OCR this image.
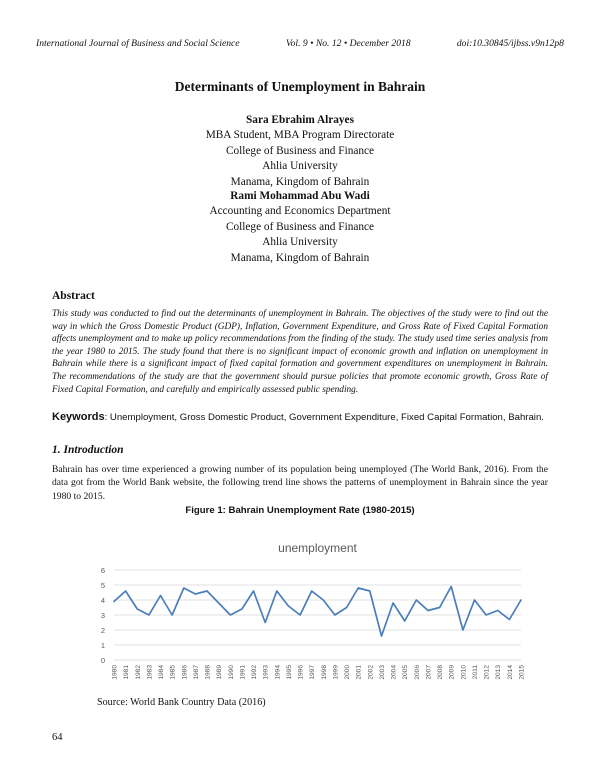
International Journal of Business and Social Science	Vol. 9 • No. 12 • December 2018	doi:10.30845/ijbss.v9n12p8
Determinants of Unemployment in Bahrain
Sara Ebrahim Alrayes
MBA Student, MBA Program Directorate
College of Business and Finance
Ahlia University
Manama, Kingdom of Bahrain
Rami Mohammad Abu Wadi
Accounting and Economics Department
College of Business and Finance
Ahlia University
Manama, Kingdom of Bahrain
Abstract
This study was conducted to find out the determinants of unemployment in Bahrain. The objectives of the study were to find out the way in which the Gross Domestic Product (GDP), Inflation, Government Expenditure, and Gross Rate of Fixed Capital Formation affects unemployment and to make up policy recommendations from the finding of the study. The study used time series analysis from the year 1980 to 2015. The study found that there is no significant impact of economic growth and inflation on unemployment in Bahrain while there is a significant impact of fixed capital formation and government expenditures on unemployment in Bahrain. The recommendations of the study are that the government should pursue policies that promote economic growth, Gross Rate of Fixed Capital Formation, and carefully and empirically assessed public spending.
Keywords: Unemployment, Gross Domestic Product, Government Expenditure, Fixed Capital Formation, Bahrain.
1. Introduction
Bahrain has over time experienced a growing number of its population being unemployed (The World Bank, 2016). From the data got from the World Bank website, the following trend line shows the patterns of unemployment in Bahrain since the year 1980 to 2015.
Figure 1: Bahrain Unemployment Rate (1980-2015)
unemployment
0
1
2
3
4
5
6
1980 1981 1982 1983 1984 1985 1986 1987 1988 1989 1990 1991 1992 1993 1994 1995 1996 1997 1998 1999 2000 2001 2002 2003 2004 2005 2006 2007 2008 2009 2010 2011 2012 2013 2014 2015
Source: World Bank Country Data (2016)
64
